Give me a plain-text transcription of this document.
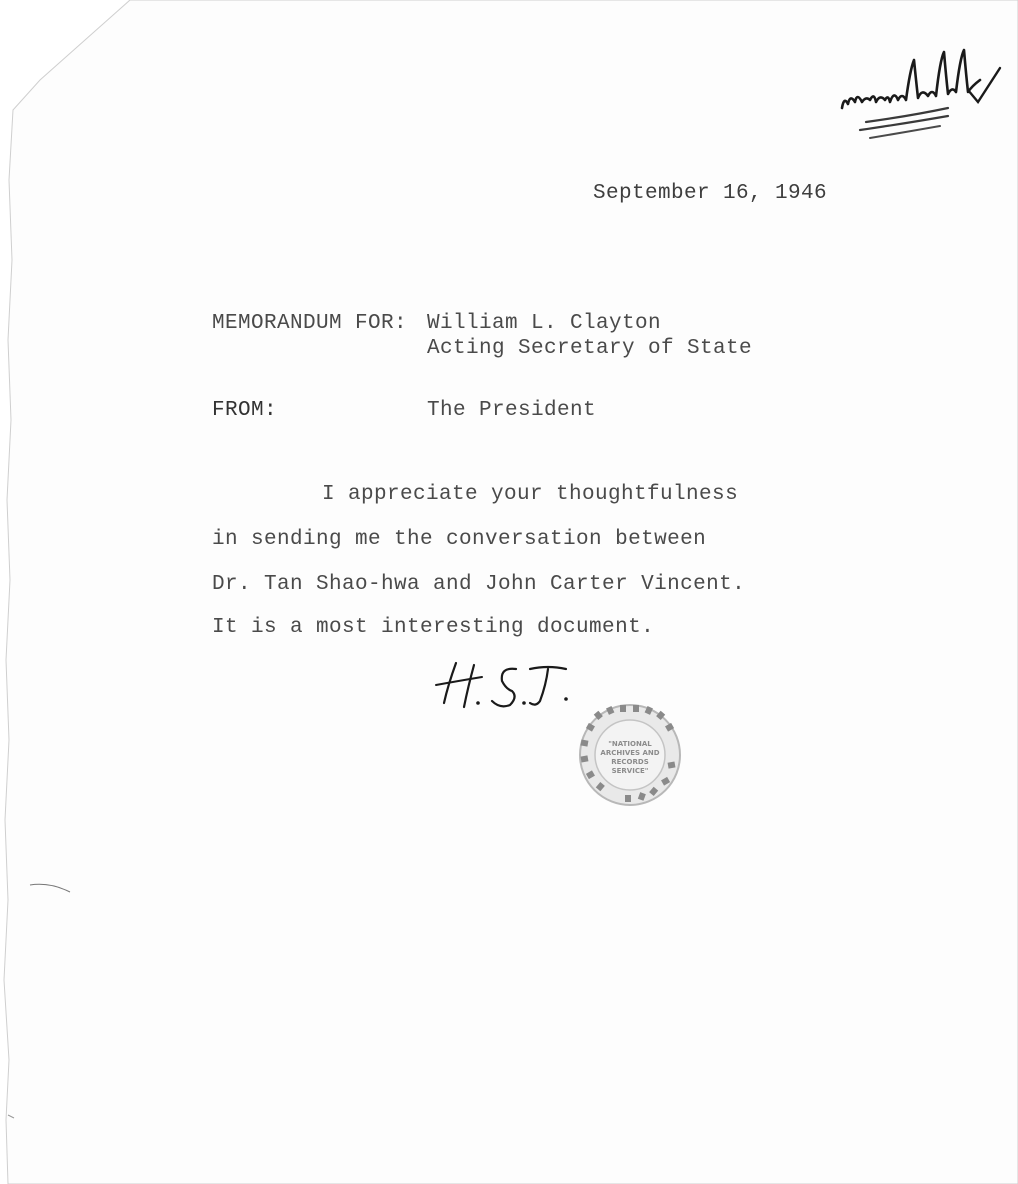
September 16, 1946
MEMORANDUM FOR: William L. Clayton
Acting Secretary of State
FROM:	The President
I appreciate your thoughtfulness
in sending me the conversation between
Dr. Tan Shao-hwa and John Carter Vincent.
It is a most interesting document.
"NATIONAL
ARCHIVES AND
RECORDS
SERVICE"
